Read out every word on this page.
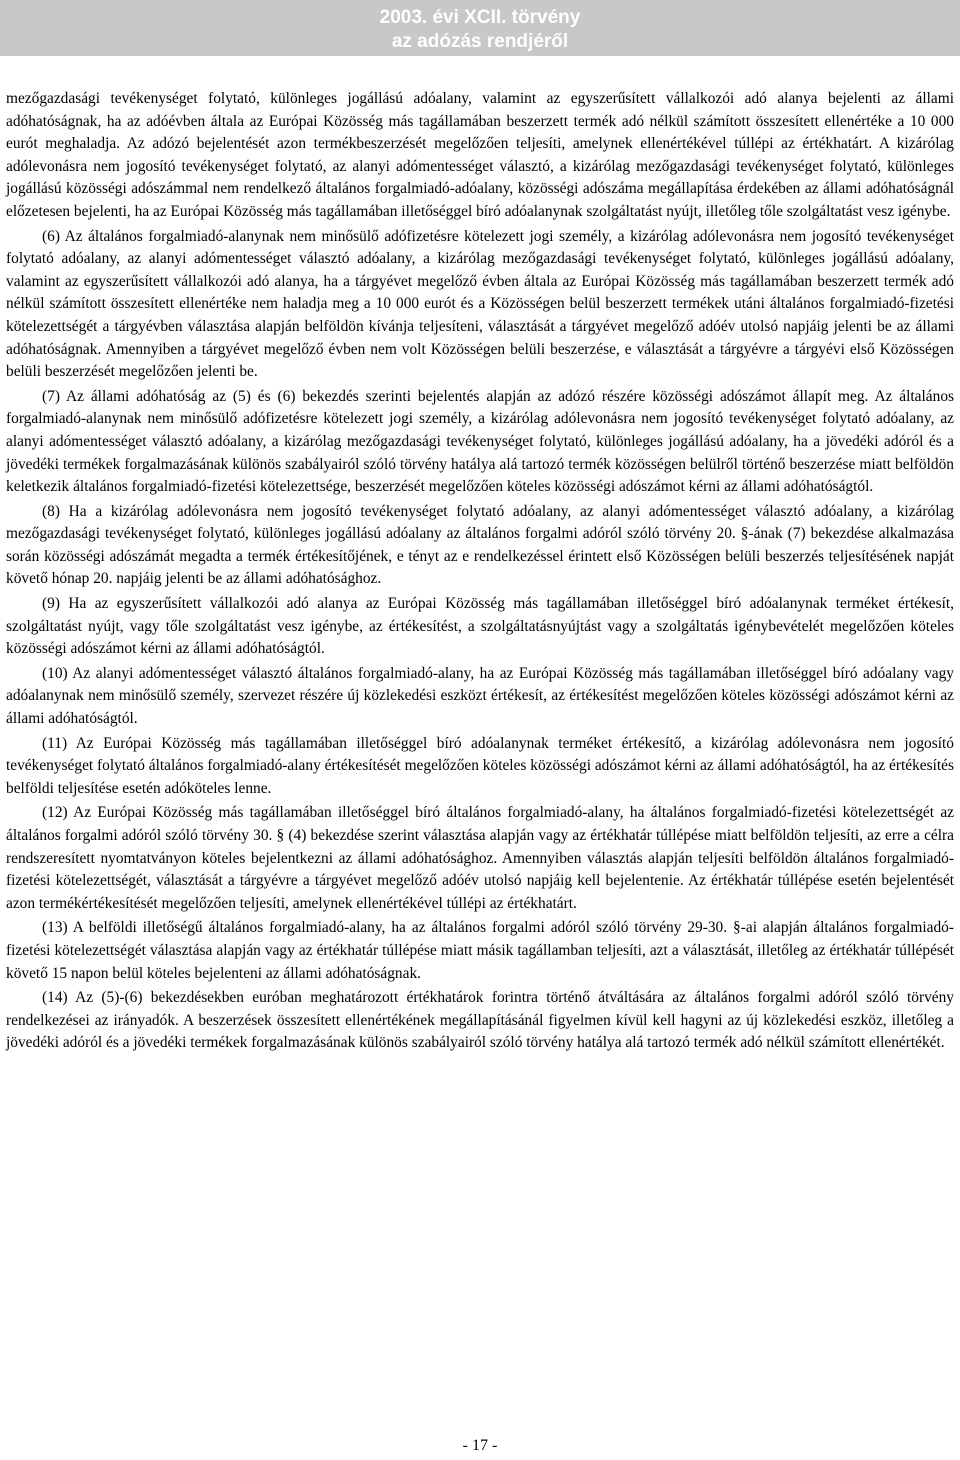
2003. évi XCII. törvény
az adózás rendjéről

mezőgazdasági tevékenységet folytató, különleges jogállású adóalany, valamint az egyszerűsített vállalkozói adó alanya bejelenti az állami adóhatóságnak, ha az adóévben általa az Európai Közösség más tagállamában beszerzett termék adó nélkül számított összesített ellenértéke a 10 000 eurót meghaladja. Az adózó bejelentését azon termékbeszerzését megelőzően teljesíti, amelynek ellenértékével túllépi az értékhatárt. A kizárólag adólevonásra nem jogosító tevékenységet folytató, az alanyi adómentességet választó, a kizárólag mezőgazdasági tevékenységet folytató, különleges jogállású közösségi adószámmal nem rendelkező általános forgalmiadó-adóalany, közösségi adószáma megállapítása érdekében az állami adóhatóságnál előzetesen bejelenti, ha az Európai Közösség más tagállamában illetőséggel bíró adóalanynak szolgáltatást nyújt, illetőleg tőle szolgáltatást vesz igénybe.

(6) Az általános forgalmiadó-alanynak nem minősülő adófizetésre kötelezett jogi személy, a kizárólag adólevonásra nem jogosító tevékenységet folytató adóalany, az alanyi adómentességet választó adóalany, a kizárólag mezőgazdasági tevékenységet folytató, különleges jogállású adóalany, valamint az egyszerűsített vállalkozói adó alanya, ha a tárgyévet megelőző évben általa az Európai Közösség más tagállamában beszerzett termék adó nélkül számított összesített ellenértéke nem haladja meg a 10 000 eurót és a Közösségen belül beszerzett termékek utáni általános forgalmiadó-fizetési kötelezettségét a tárgyévben választása alapján belföldön kívánja teljesíteni, választását a tárgyévet megelőző adóév utolsó napjáig jelenti be az állami adóhatóságnak. Amennyiben a tárgyévet megelőző évben nem volt Közösségen belüli beszerzése, e választását a tárgyévre a tárgyévi első Közösségen belüli beszerzését megelőzően jelenti be.

(7) Az állami adóhatóság az (5) és (6) bekezdés szerinti bejelentés alapján az adózó részére közösségi adószámot állapít meg. Az általános forgalmiadó-alanynak nem minősülő adófizetésre kötelezett jogi személy, a kizárólag adólevonásra nem jogosító tevékenységet folytató adóalany, az alanyi adómentességet választó adóalany, a kizárólag mezőgazdasági tevékenységet folytató, különleges jogállású adóalany, ha a jövedéki adóról és a jövedéki termékek forgalmazásának különös szabályairól szóló törvény hatálya alá tartozó termék közösségen belülről történő beszerzése miatt belföldön keletkezik általános forgalmiadó-fizetési kötelezettsége, beszerzését megelőzően köteles közösségi adószámot kérni az állami adóhatóságtól.

(8) Ha a kizárólag adólevonásra nem jogosító tevékenységet folytató adóalany, az alanyi adómentességet választó adóalany, a kizárólag mezőgazdasági tevékenységet folytató, különleges jogállású adóalany az általános forgalmi adóról szóló törvény 20. §-ának (7) bekezdése alkalmazása során közösségi adószámát megadta a termék értékesítőjének, e tényt az e rendelkezéssel érintett első Közösségen belüli beszerzés teljesítésének napját követő hónap 20. napjáig jelenti be az állami adóhatósághoz.

(9) Ha az egyszerűsített vállalkozói adó alanya az Európai Közösség más tagállamában illetőséggel bíró adóalanynak terméket értékesít, szolgáltatást nyújt, vagy tőle szolgáltatást vesz igénybe, az értékesítést, a szolgáltatásnyújtást vagy a szolgáltatás igénybevételét megelőzően köteles közösségi adószámot kérni az állami adóhatóságtól.

(10) Az alanyi adómentességet választó általános forgalmiadó-alany, ha az Európai Közösség más tagállamában illetőséggel bíró adóalany vagy adóalanynak nem minősülő személy, szervezet részére új közlekedési eszközt értékesít, az értékesítést megelőzően köteles közösségi adószámot kérni az állami adóhatóságtól.

(11) Az Európai Közösség más tagállamában illetőséggel bíró adóalanynak terméket értékesítő, a kizárólag adólevonásra nem jogosító tevékenységet folytató általános forgalmiadó-alany értékesítését megelőzően köteles közösségi adószámot kérni az állami adóhatóságtól, ha az értékesítés belföldi teljesítése esetén adóköteles lenne.

(12) Az Európai Közösség más tagállamában illetőséggel bíró általános forgalmiadó-alany, ha általános forgalmiadó-fizetési kötelezettségét az általános forgalmi adóról szóló törvény 30. § (4) bekezdése szerint választása alapján vagy az értékhatár túllépése miatt belföldön teljesíti, az erre a célra rendszeresített nyomtatványon köteles bejelentkezni az állami adóhatósághoz. Amennyiben választás alapján teljesíti belföldön általános forgalmiadó-fizetési kötelezettségét, választását a tárgyévre a tárgyévet megelőző adóév utolsó napjáig kell bejelentenie. Az értékhatár túllépése esetén bejelentését azon termékértékesítését megelőzően teljesíti, amelynek ellenértékével túllépi az értékhatárt.

(13) A belföldi illetőségű általános forgalmiadó-alany, ha az általános forgalmi adóról szóló törvény 29-30. §-ai alapján általános forgalmiadó-fizetési kötelezettségét választása alapján vagy az értékhatár túllépése miatt másik tagállamban teljesíti, azt a választását, illetőleg az értékhatár túllépését követő 15 napon belül köteles bejelenteni az állami adóhatóságnak.

(14) Az (5)-(6) bekezdésekben euróban meghatározott értékhatárok forintra történő átváltására az általános forgalmi adóról szóló törvény rendelkezései az irányadók. A beszerzések összesített ellenértékének megállapításánál figyelmen kívül kell hagyni az új közlekedési eszköz, illetőleg a jövedéki adóról és a jövedéki termékek forgalmazásának különös szabályairól szóló törvény hatálya alá tartozó termék adó nélkül számított ellenértékét.

- 17 -
